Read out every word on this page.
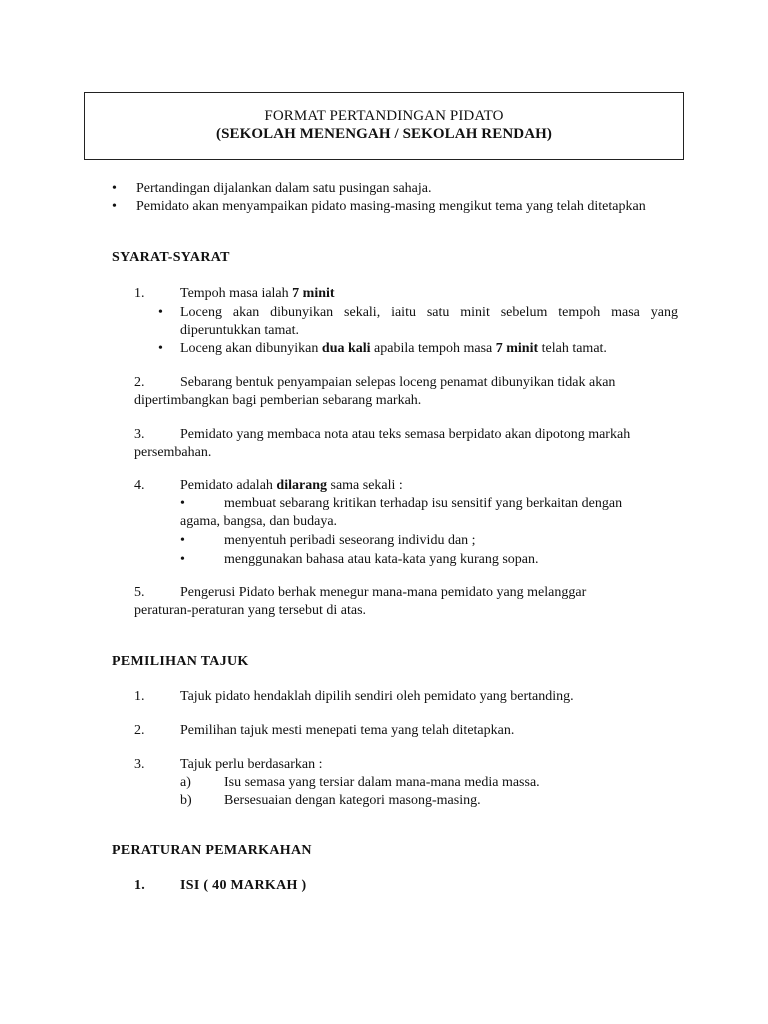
FORMAT PERTANDINGAN PIDATO
(SEKOLAH MENENGAH / SEKOLAH RENDAH)
• Pertandingan dijalankan dalam satu pusingan sahaja.
• Pemidato akan menyampaikan pidato masing-masing mengikut tema yang telah ditetapkan
SYARAT-SYARAT
1.	Tempoh masa ialah 7 minit
• Loceng akan dibunyikan sekali, iaitu satu minit sebelum tempoh masa yang diperuntukkan tamat.
• Loceng akan dibunyikan dua kali apabila tempoh masa 7 minit telah tamat.
2.	Sebarang bentuk penyampaian selepas loceng penamat dibunyikan tidak akan
dipertimbangkan bagi pemberian sebarang markah.
3.	Pemidato yang membaca nota atau teks semasa berpidato akan dipotong markah
persembahan.
4.	Pemidato adalah dilarang sama sekali :
•	membuat sebarang kritikan terhadap isu sensitif yang berkaitan dengan
agama, bangsa, dan budaya.
•	menyentuh peribadi seseorang individu dan ;
•	menggunakan bahasa atau kata-kata yang kurang sopan.
5.	Pengerusi Pidato berhak menegur mana-mana pemidato yang melanggar
peraturan-peraturan yang tersebut di atas.
PEMILIHAN TAJUK
1.	Tajuk pidato hendaklah dipilih sendiri oleh pemidato yang bertanding.
2.	Pemilihan tajuk mesti menepati tema yang telah ditetapkan.
3.	Tajuk perlu berdasarkan :
a) Isu semasa yang tersiar dalam mana-mana media massa.
b) Bersesuaian dengan kategori masong-masing.
PERATURAN PEMARKAHAN
1. ISI ( 40 MARKAH )
